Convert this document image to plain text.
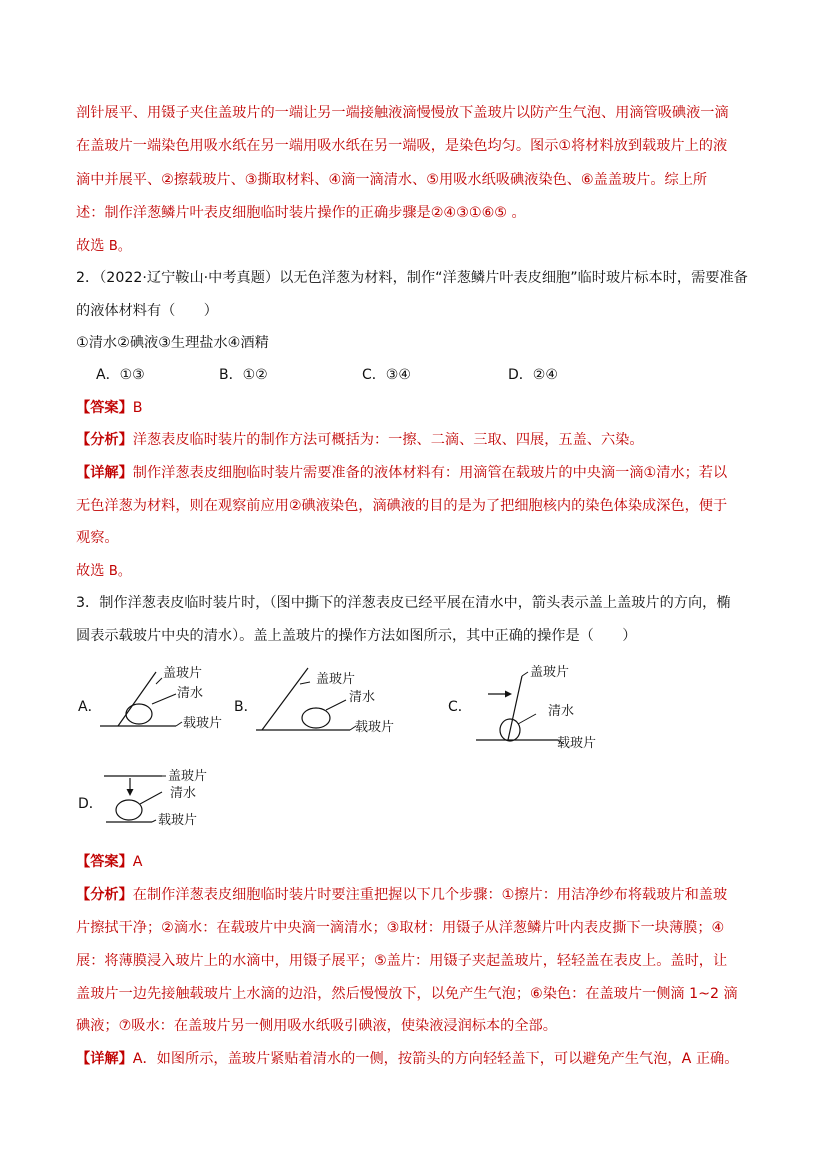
剖针展平、用镊子夹住盖玻片的一端让另一端接触液滴慢慢放下盖玻片以防产生气泡、用滴管吸碘液一滴
在盖玻片一端染色用吸水纸在另一端用吸水纸在另一端吸，是染色均匀。图示①将材料放到载玻片上的液
滴中并展平、②擦载玻片、③撕取材料、④滴一滴清水、⑤用吸水纸吸碘液染色、⑥盖盖玻片。综上所
述：制作洋葱鳞片叶表皮细胞临时装片操作的正确步骤是②④③①⑥⑤ 。
故选 B。
2．（2022·辽宁鞍山·中考真题）以无色洋葱为材料，制作“洋葱鳞片叶表皮细胞”临时玻片标本时，需要准备
的液体材料有（　　）
①清水②碘液③生理盐水④酒精
A．①③	B．①②	C．③④	D．②④
【答案】B
【分析】洋葱表皮临时装片的制作方法可概括为：一擦、二滴、三取、四展，五盖、六染。
【详解】制作洋葱表皮细胞临时装片需要准备的液体材料有：用滴管在载玻片的中央滴一滴①清水；若以
无色洋葱为材料，则在观察前应用②碘液染色，滴碘液的目的是为了把细胞核内的染色体染成深色，便于
观察。
故选 B。
3．制作洋葱表皮临时装片时，（图中撕下的洋葱表皮已经平展在清水中，箭头表示盖上盖玻片的方向，椭
圆表示载玻片中央的清水）。盖上盖玻片的操作方法如图所示，其中正确的操作是（　　）
A．
盖玻片
清水
载玻片
B．
盖玻片
清水
载玻片
C．
盖玻片
清水
载玻片
D．
盖玻片
清水
载玻片
【答案】A
【分析】在制作洋葱表皮细胞临时装片时要注重把握以下几个步骤：①擦片：用洁净纱布将载玻片和盖玻
片擦拭干净；②滴水：在载玻片中央滴一滴清水；③取材：用镊子从洋葱鳞片叶内表皮撕下一块薄膜；④
展：将薄膜浸入玻片上的水滴中，用镊子展平；⑤盖片：用镊子夹起盖玻片，轻轻盖在表皮上。盖时，让
盖玻片一边先接触载玻片上水滴的边沿，然后慢慢放下，以免产生气泡；⑥染色：在盖玻片一侧滴 1~2 滴
碘液；⑦吸水：在盖玻片另一侧用吸水纸吸引碘液，使染液浸润标本的全部。
【详解】A．如图所示，盖玻片紧贴着清水的一侧，按箭头的方向轻轻盖下，可以避免产生气泡，A 正确。
